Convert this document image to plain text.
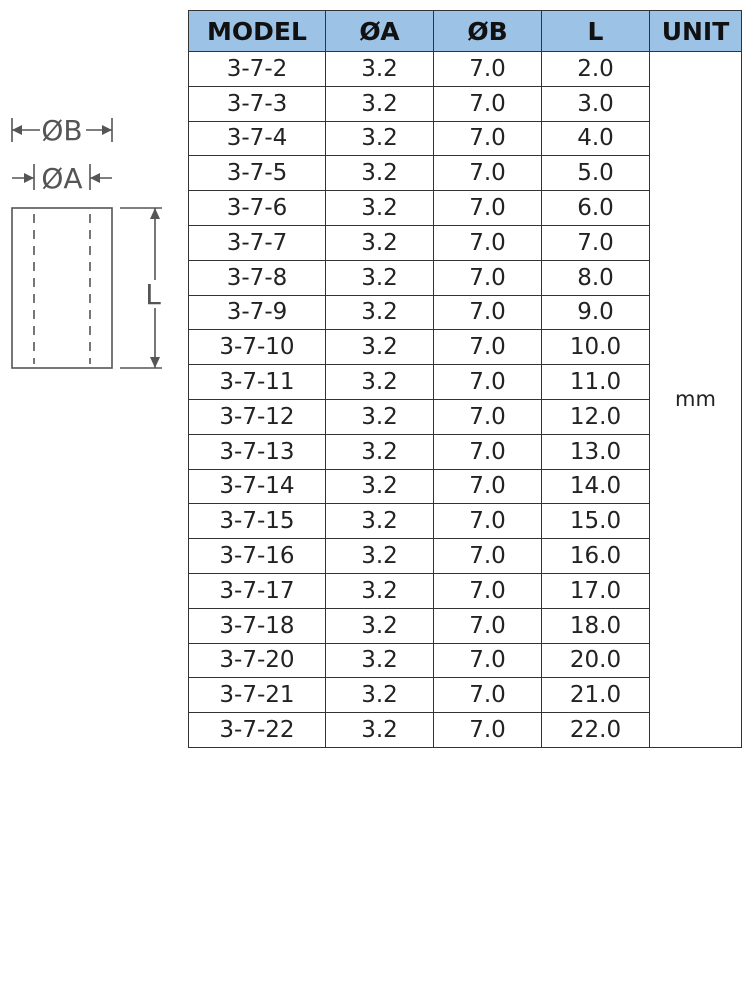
ØB
ØA
L
MODEL	ØA	ØB	L	UNIT
3-7-2	3.2	7.0	2.0	mm
3-7-3	3.2	7.0	3.0	
3-7-4	3.2	7.0	4.0	
3-7-5	3.2	7.0	5.0	
3-7-6	3.2	7.0	6.0	
3-7-7	3.2	7.0	7.0	
3-7-8	3.2	7.0	8.0	
3-7-9	3.2	7.0	9.0	
3-7-10	3.2	7.0	10.0	
3-7-11	3.2	7.0	11.0	
3-7-12	3.2	7.0	12.0	
3-7-13	3.2	7.0	13.0	
3-7-14	3.2	7.0	14.0	
3-7-15	3.2	7.0	15.0	
3-7-16	3.2	7.0	16.0	
3-7-17	3.2	7.0	17.0	
3-7-18	3.2	7.0	18.0	
3-7-20	3.2	7.0	20.0	
3-7-21	3.2	7.0	21.0	
3-7-22	3.2	7.0	22.0	
